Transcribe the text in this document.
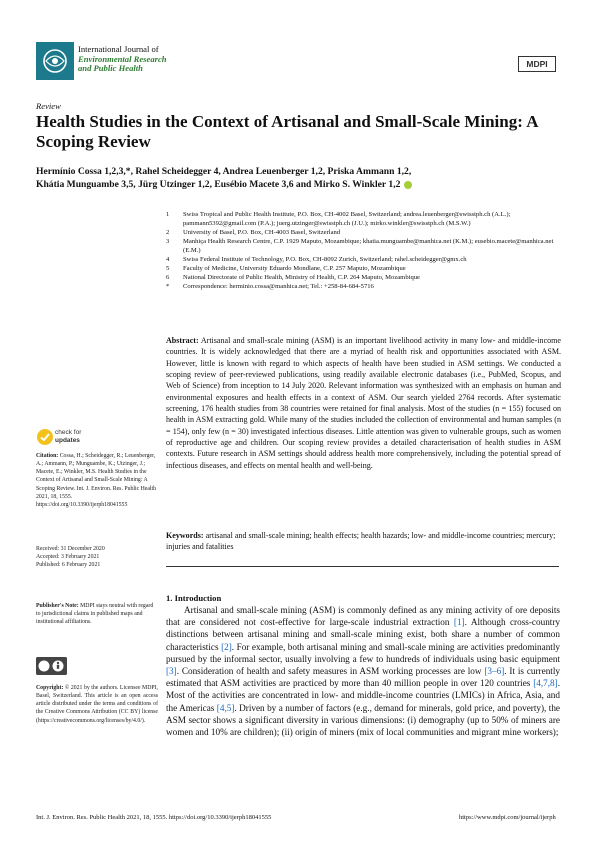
International Journal of
Environmental Research
and Public Health	MDPI
Review
Health Studies in the Context of Artisanal and Small-Scale Mining: A Scoping Review
Hermínio Cossa 1,2,3,*, Rahel Scheidegger 4, Andrea Leuenberger 1,2, Priska Ammann 1,2,
Khátia Munguambe 3,5, Jürg Utzinger 1,2, Eusébio Macete 3,6 and Mirko S. Winkler 1,2
1	Swiss Tropical and Public Health Institute, P.O. Box, CH-4002 Basel, Switzerland; andrea.leuenberger@swisstph.ch (A.L.); pammann5392@gmail.com (P.A.); juerg.utzinger@swisstph.ch (J.U.); mirko.winkler@swisstph.ch (M.S.W.)
2	University of Basel, P.O. Box, CH-4003 Basel, Switzerland
3	Manhiça Health Research Centre, C.P. 1929 Maputo, Mozambique; khatia.munguambe@manhica.net (K.M.); eusebio.macete@manhica.net (E.M.)
4	Swiss Federal Institute of Technology, P.O. Box, CH-8092 Zurich, Switzerland; rahel.scheidegger@gmx.ch
5	Faculty of Medicine, University Eduardo Mondlane, C.P. 257 Maputo, Mozambique
6	National Directorate of Public Health, Ministry of Health, C.P. 264 Maputo, Mozambique
*	Correspondence: herminio.cossa@manhica.net; Tel.: +258-84-684-5716
Abstract: Artisanal and small-scale mining (ASM) is an important livelihood activity in many low- and middle-income countries. It is widely acknowledged that there are a myriad of health risk and opportunities associated with ASM. However, little is known with regard to which aspects of health have been studied in ASM settings. We conducted a scoping review of peer-reviewed publications, using readily available electronic databases (i.e., PubMed, Scopus, and Web of Science) from inception to 14 July 2020. Relevant information was synthesized with an emphasis on human and environmental exposures and health effects in a context of ASM. Our search yielded 2764 records. After systematic screening, 176 health studies from 38 countries were retained for final analysis. Most of the studies (n = 155) focused on health in ASM extracting gold. While many of the studies included the collection of environmental and human samples (n = 154), only few (n = 30) investigated infectious diseases. Little attention was given to vulnerable groups, such as women of reproductive age and children. Our scoping review provides a detailed characterisation of health studies in ASM contexts. Future research in ASM settings should address health more comprehensively, including the potential spread of infectious diseases, and effects on mental health and well-being.
Keywords: artisanal and small-scale mining; health effects; health hazards; low- and middle-income countries; mercury; injuries and fatalities
1. Introduction
Artisanal and small-scale mining (ASM) is commonly defined as any mining activity of ore deposits that are considered not cost-effective for large-scale industrial extraction [1]. Although cross-country distinctions between artisanal mining and small-scale mining exist, both share a number of common characteristics [2]. For example, both artisanal mining and small-scale mining are activities predominantly pursued by the informal sector, usually involving a few to hundreds of individuals using basic equipment [3]. Consideration of health and safety measures in ASM working processes are low [3–6]. It is currently estimated that ASM activities are practiced by more than 40 million people in over 120 countries [4,7,8]. Most of the activities are concentrated in low- and middle-income countries (LMICs) in Africa, Asia, and the Americas [4,5]. Driven by a number of factors (e.g., demand for minerals, gold price, and poverty), the ASM sector shows a significant diversity in various dimensions: (i) demography (up to 50% of miners are women and 10% are children); (ii) origin of miners (mix of local communities and migrant mine workers);
check for
updates
Citation: Cossa, H.; Scheidegger, R.; Leuenberger, A.; Ammann, P.; Munguambe, K.; Utzinger, J.; Macete, E.; Winkler, M.S. Health Studies in the Context of Artisanal and Small-Scale Mining: A Scoping Review. Int. J. Environ. Res. Public Health 2021, 18, 1555. https://doi.org/10.3390/ijerph18041555
Received: 31 December 2020
Accepted: 3 February 2021
Published: 6 February 2021
Publisher's Note: MDPI stays neutral with regard to jurisdictional claims in published maps and institutional affiliations.
Copyright: © 2021 by the authors. Licensee MDPI, Basel, Switzerland. This article is an open access article distributed under the terms and conditions of the Creative Commons Attribution (CC BY) license (https://creativecommons.org/licenses/by/4.0/).
Int. J. Environ. Res. Public Health 2021, 18, 1555. https://doi.org/10.3390/ijerph18041555	https://www.mdpi.com/journal/ijerph
